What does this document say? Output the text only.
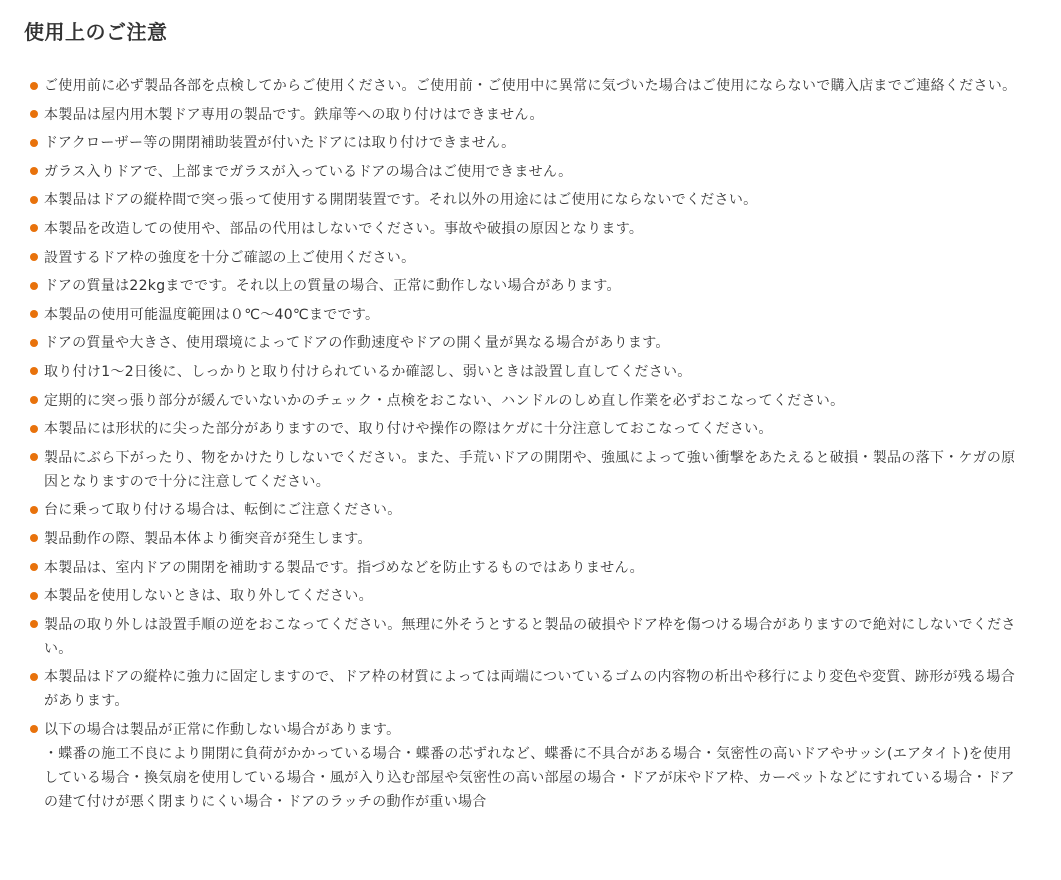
使用上のご注意
ご使用前に必ず製品各部を点検してからご使用ください。ご使用前・ご使用中に異常に気づいた場合はご使用にならないで購入店までご連絡ください。
本製品は屋内用木製ドア専用の製品です。鉄扉等への取り付けはできません。
ドアクローザー等の開閉補助装置が付いたドアには取り付けできません。
ガラス入りドアで、上部までガラスが入っているドアの場合はご使用できません。
本製品はドアの縦枠間で突っ張って使用する開閉装置です。それ以外の用途にはご使用にならないでください。
本製品を改造しての使用や、部品の代用はしないでください。事故や破損の原因となります。
設置するドア枠の強度を十分ご確認の上ご使用ください。
ドアの質量は22kgまでです。それ以上の質量の場合、正常に動作しない場合があります。
本製品の使用可能温度範囲は０℃～40℃までです。
ドアの質量や大きさ、使用環境によってドアの作動速度やドアの開く量が異なる場合があります。
取り付け1～2日後に、しっかりと取り付けられているか確認し、弱いときは設置し直してください。
定期的に突っ張り部分が緩んでいないかのチェック・点検をおこない、ハンドルのしめ直し作業を必ずおこなってください。
本製品には形状的に尖った部分がありますので、取り付けや操作の際はケガに十分注意しておこなってください。
製品にぶら下がったり、物をかけたりしないでください。また、手荒いドアの開閉や、強風によって強い衝撃をあたえると破損・製品の落下・ケガの原因となりますので十分に注意してください。
台に乗って取り付ける場合は、転倒にご注意ください。
製品動作の際、製品本体より衝突音が発生します。
本製品は、室内ドアの開閉を補助する製品です。指づめなどを防止するものではありません。
本製品を使用しないときは、取り外してください。
製品の取り外しは設置手順の逆をおこなってください。無理に外そうとすると製品の破損やドア枠を傷つける場合がありますので絶対にしないでください。
本製品はドアの縦枠に強力に固定しますので、ドア枠の材質によっては両端についているゴムの内容物の析出や移行により変色や変質、跡形が残る場合があります。
以下の場合は製品が正常に作動しない場合があります。
・蝶番の施工不良により開閉に負荷がかかっている場合・蝶番の芯ずれなど、蝶番に不具合がある場合・気密性の高いドアやサッシ(エアタイト)を使用している場合・換気扇を使用している場合・風が入り込む部屋や気密性の高い部屋の場合・ドアが床やドア枠、カーペットなどにすれている場合・ドアの建て付けが悪く閉まりにくい場合・ドアのラッチの動作が重い場合
